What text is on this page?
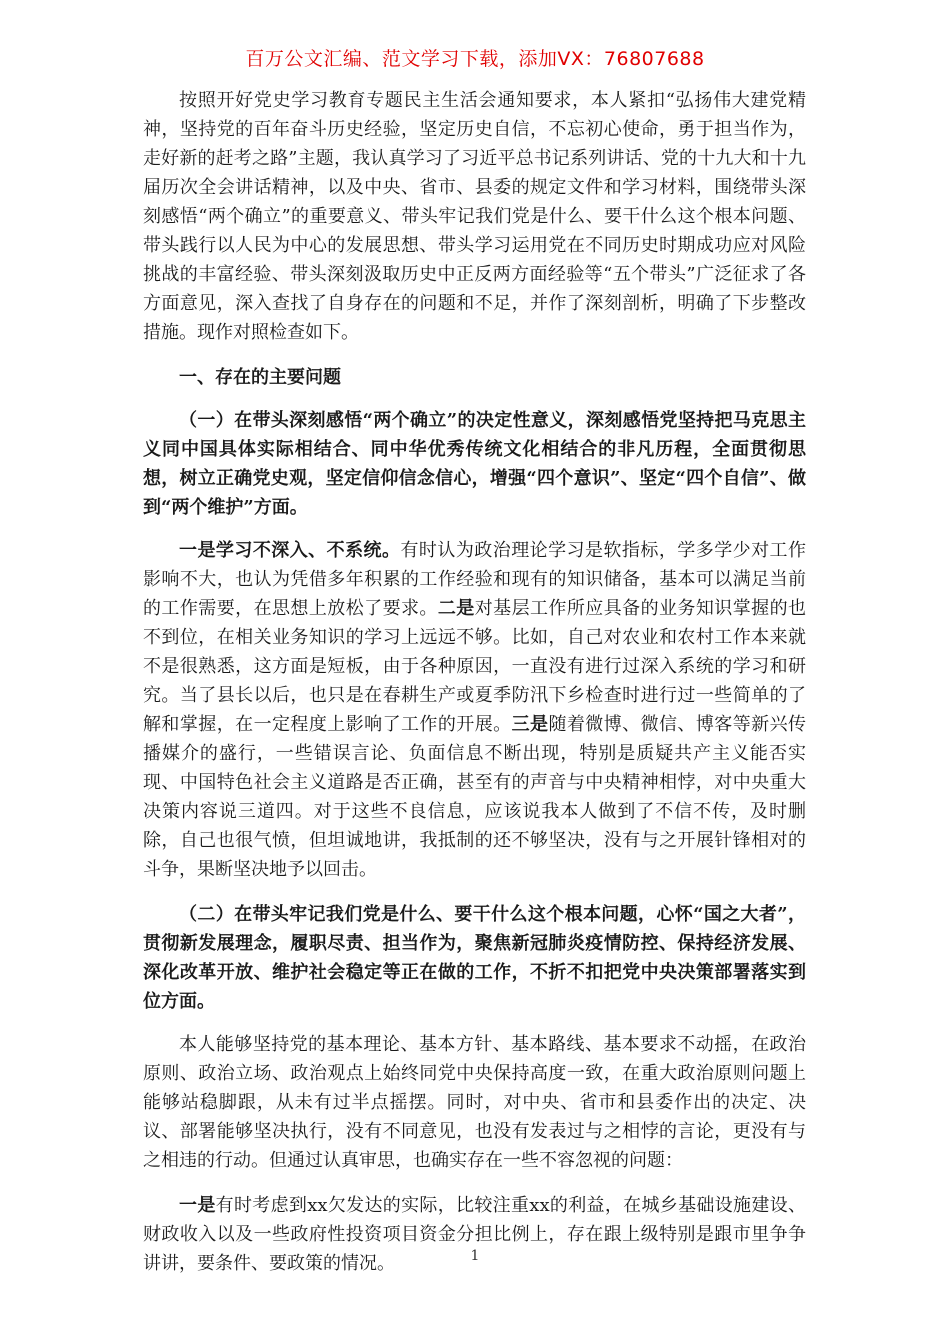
百万公文汇编、范文学习下载，添加VX：76807688

按照开好党史学习教育专题民主生活会通知要求，本人紧扣“弘扬伟大建党精神，坚持党的百年奋斗历史经验，坚定历史自信，不忘初心使命，勇于担当作为，走好新的赶考之路”主题，我认真学习了习近平总书记系列讲话、党的十九大和十九届历次全会讲话精神，以及中央、省市、县委的规定文件和学习材料，围绕带头深刻感悟“两个确立”的重要意义、带头牢记我们党是什么、要干什么这个根本问题、带头践行以人民为中心的发展思想、带头学习运用党在不同历史时期成功应对风险挑战的丰富经验、带头深刻汲取历史中正反两方面经验等“五个带头”广泛征求了各方面意见，深入查找了自身存在的问题和不足，并作了深刻剖析，明确了下步整改措施。现作对照检查如下。

一、存在的主要问题

（一）在带头深刻感悟“两个确立”的决定性意义，深刻感悟党坚持把马克思主义同中国具体实际相结合、同中华优秀传统文化相结合的非凡历程，全面贯彻思想，树立正确党史观，坚定信仰信念信心，增强“四个意识”、坚定“四个自信”、做到“两个维护”方面。

一是学习不深入、不系统。有时认为政治理论学习是软指标，学多学少对工作影响不大，也认为凭借多年积累的工作经验和现有的知识储备，基本可以满足当前的工作需要，在思想上放松了要求。二是对基层工作所应具备的业务知识掌握的也不到位，在相关业务知识的学习上远远不够。比如，自己对农业和农村工作本来就不是很熟悉，这方面是短板，由于各种原因，一直没有进行过深入系统的学习和研究。当了县长以后，也只是在春耕生产或夏季防汛下乡检查时进行过一些简单的了解和掌握，在一定程度上影响了工作的开展。三是随着微博、微信、博客等新兴传播媒介的盛行，一些错误言论、负面信息不断出现，特别是质疑共产主义能否实现、中国特色社会主义道路是否正确，甚至有的声音与中央精神相悖，对中央重大决策内容说三道四。对于这些不良信息，应该说我本人做到了不信不传，及时删除，自己也很气愤，但坦诚地讲，我抵制的还不够坚决，没有与之开展针锋相对的斗争，果断坚决地予以回击。

（二）在带头牢记我们党是什么、要干什么这个根本问题，心怀“国之大者”，贯彻新发展理念，履职尽责、担当作为，聚焦新冠肺炎疫情防控、保持经济发展、深化改革开放、维护社会稳定等正在做的工作，不折不扣把党中央决策部署落实到位方面。

本人能够坚持党的基本理论、基本方针、基本路线、基本要求不动摇，在政治原则、政治立场、政治观点上始终同党中央保持高度一致，在重大政治原则问题上能够站稳脚跟，从未有过半点摇摆。同时，对中央、省市和县委作出的决定、决议、部署能够坚决执行，没有不同意见，也没有发表过与之相悖的言论，更没有与之相违的行动。但通过认真审思，也确实存在一些不容忽视的问题：

一是有时考虑到xx欠发达的实际，比较注重xx的利益，在城乡基础设施建设、财政收入以及一些政府性投资项目资金分担比例上，存在跟上级特别是跟市里争争讲讲，要条件、要政策的情况。	1
